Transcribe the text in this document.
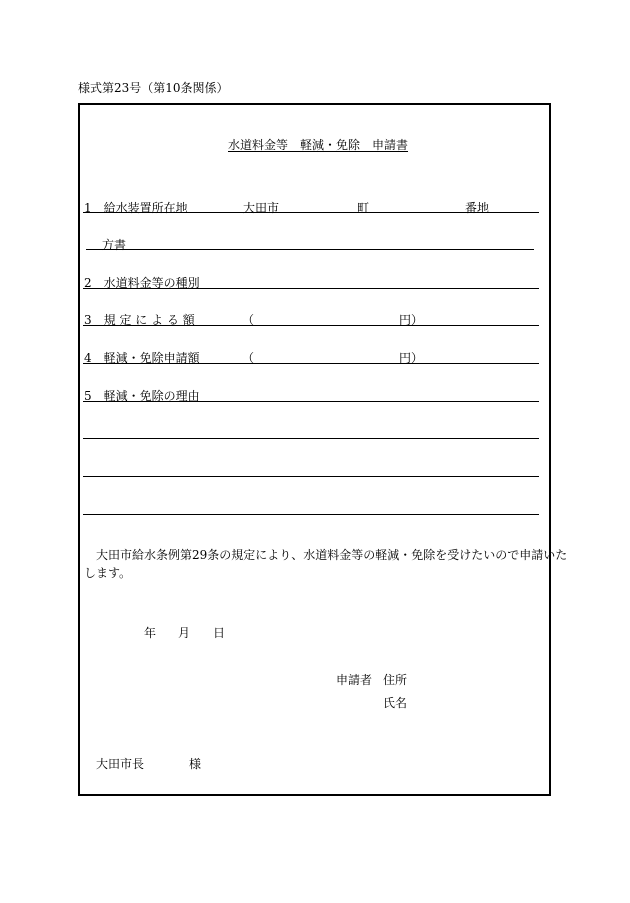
様式第23号（第10条関係）
水道料金等　軽減・免除　申請書
1　給水装置所在地	大田市	町	番地
方書
2　水道料金等の種別
3　規 定 に よ る 額	（	円）
4　軽減・免除申請額	（	円）
5　軽減・免除の理由
　大田市給水条例第29条の規定により、水道料金等の軽減・免除を受けたいので申請いた
します。
年 月 日
申請者 住所
氏名
大田市長	様
